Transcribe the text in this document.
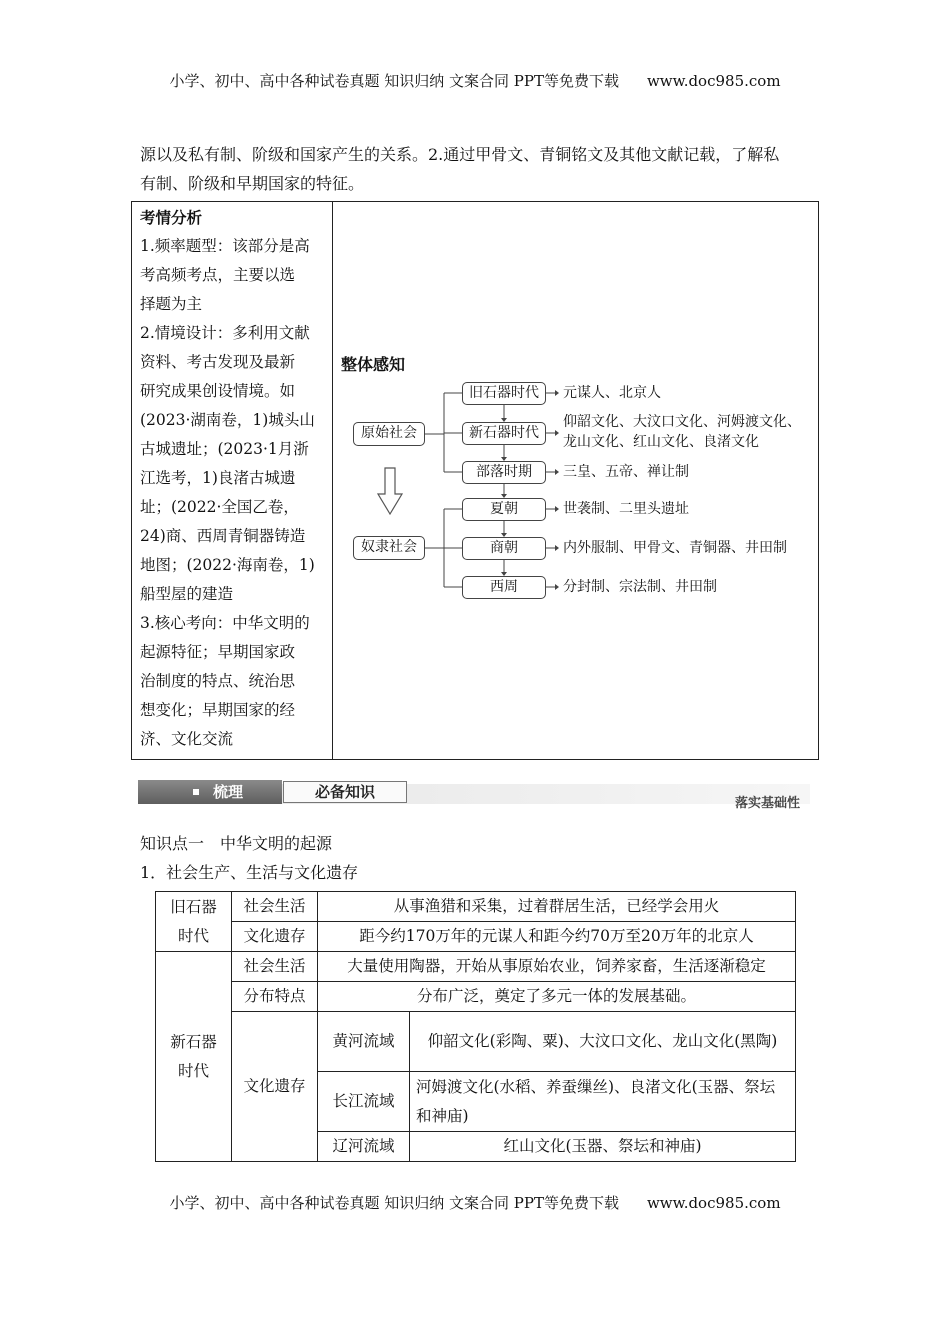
小学、初中、高中各种试卷真题 知识归纳 文案合同 PPT等免费下载 www.doc985.com
源以及私有制、阶级和国家产生的关系。2.通过甲骨文、青铜铭文及其他文献记载，了解私
有制、阶级和早期国家的特征。
考情分析
1.频率题型：该部分是高
考高频考点，主要以选
择题为主
2.情境设计：多利用文献
资料、考古发现及最新
研究成果创设情境。如
(2023·湖南卷，1)城头山
古城遗址；(2023·1月浙
江选考，1)良渚古城遗
址；(2022·全国乙卷，
24)商、西周青铜器铸造
地图；(2022·海南卷，1)
船型屋的建造
3.核心考向：中华文明的
起源特征；早期国家政
治制度的特点、统治思
想变化；早期国家的经
济、文化交流
整体感知
原始社会
奴隶社会
旧石器时代
新石器时代
部落时期
夏朝
商朝
西周
元谋人、北京人
仰韶文化、大汶口文化、河姆渡文化、
龙山文化、红山文化、良渚文化
三皇、五帝、禅让制
世袭制、二里头遗址
内外服制、甲骨文、青铜器、井田制
分封制、宗法制、井田制
梳理	必备知识
落实基础性
知识点一　中华文明的起源
1．社会生产、生活与文化遗存
旧石器时代	社会生活	从事渔猎和采集，过着群居生活，已经学会用火	
	文化遗存	距今约170万年的元谋人和距今约70万至20万年的北京人	
新石器时代	社会生活	大量使用陶器，开始从事原始农业，饲养家畜，生活逐渐稳定	
	分布特点	分布广泛，奠定了多元一体的发展基础。	
	文化遗存	黄河流域	仰韶文化(彩陶、粟)、大汶口文化、龙山文化(黑陶)
		长江流域	河姆渡文化(水稻、养蚕缫丝)、良渚文化(玉器、祭坛和神庙)
		辽河流域	红山文化(玉器、祭坛和神庙)
小学、初中、高中各种试卷真题 知识归纳 文案合同 PPT等免费下载 www.doc985.com
